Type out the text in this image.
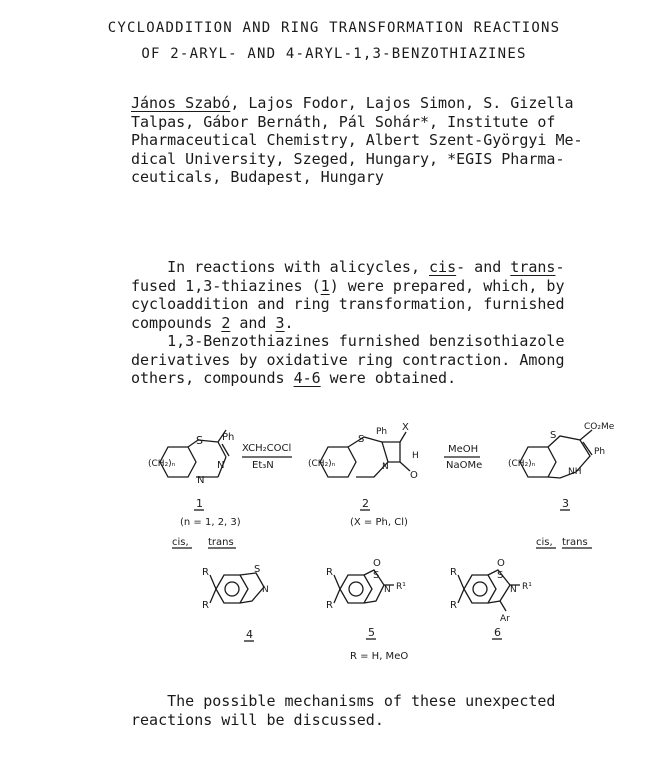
CYCLOADDITION AND RING TRANSFORMATION REACTIONS
OF 2-ARYL- AND 4-ARYL-1,3-BENZOTHIAZINES
János Szabó, Lajos Fodor, Lajos Simon, S. Gizella
Talpas, Gábor Bernáth, Pál Sohár*, Institute of
Pharmaceutical Chemistry, Albert Szent-Györgyi Me-
dical University, Szeged, Hungary, *EGIS Pharma-
ceuticals, Budapest, Hungary
In reactions with alicycles, cis- and trans-
fused 1,3-thiazines (1) were prepared, which, by
cycloaddition and ring transformation, furnished
compounds 2 and 3.
1,3-Benzothiazines furnished benzisothiazole
derivatives by oxidative ring contraction. Among
others, compounds 4-6 were obtained.
S Ph
N
N
(CH₂)ₙ
XCH₂COCl
Et₃N
S
Ph X
H
O
N
(CH₂)ₙ
MeOH
NaOMe
S
CO₂Me
Ph
NH
(CH₂)ₙ
1
(n = 1, 2, 3)
cis, trans
2
(X = Ph, Cl)
3
cis, trans
R
R
S
N
4
R
R
O
S
N R¹
5
R = H, MeO
R
R
O
S
N R¹
Ar
6
The possible mechanisms of these unexpected
reactions will be discussed.
